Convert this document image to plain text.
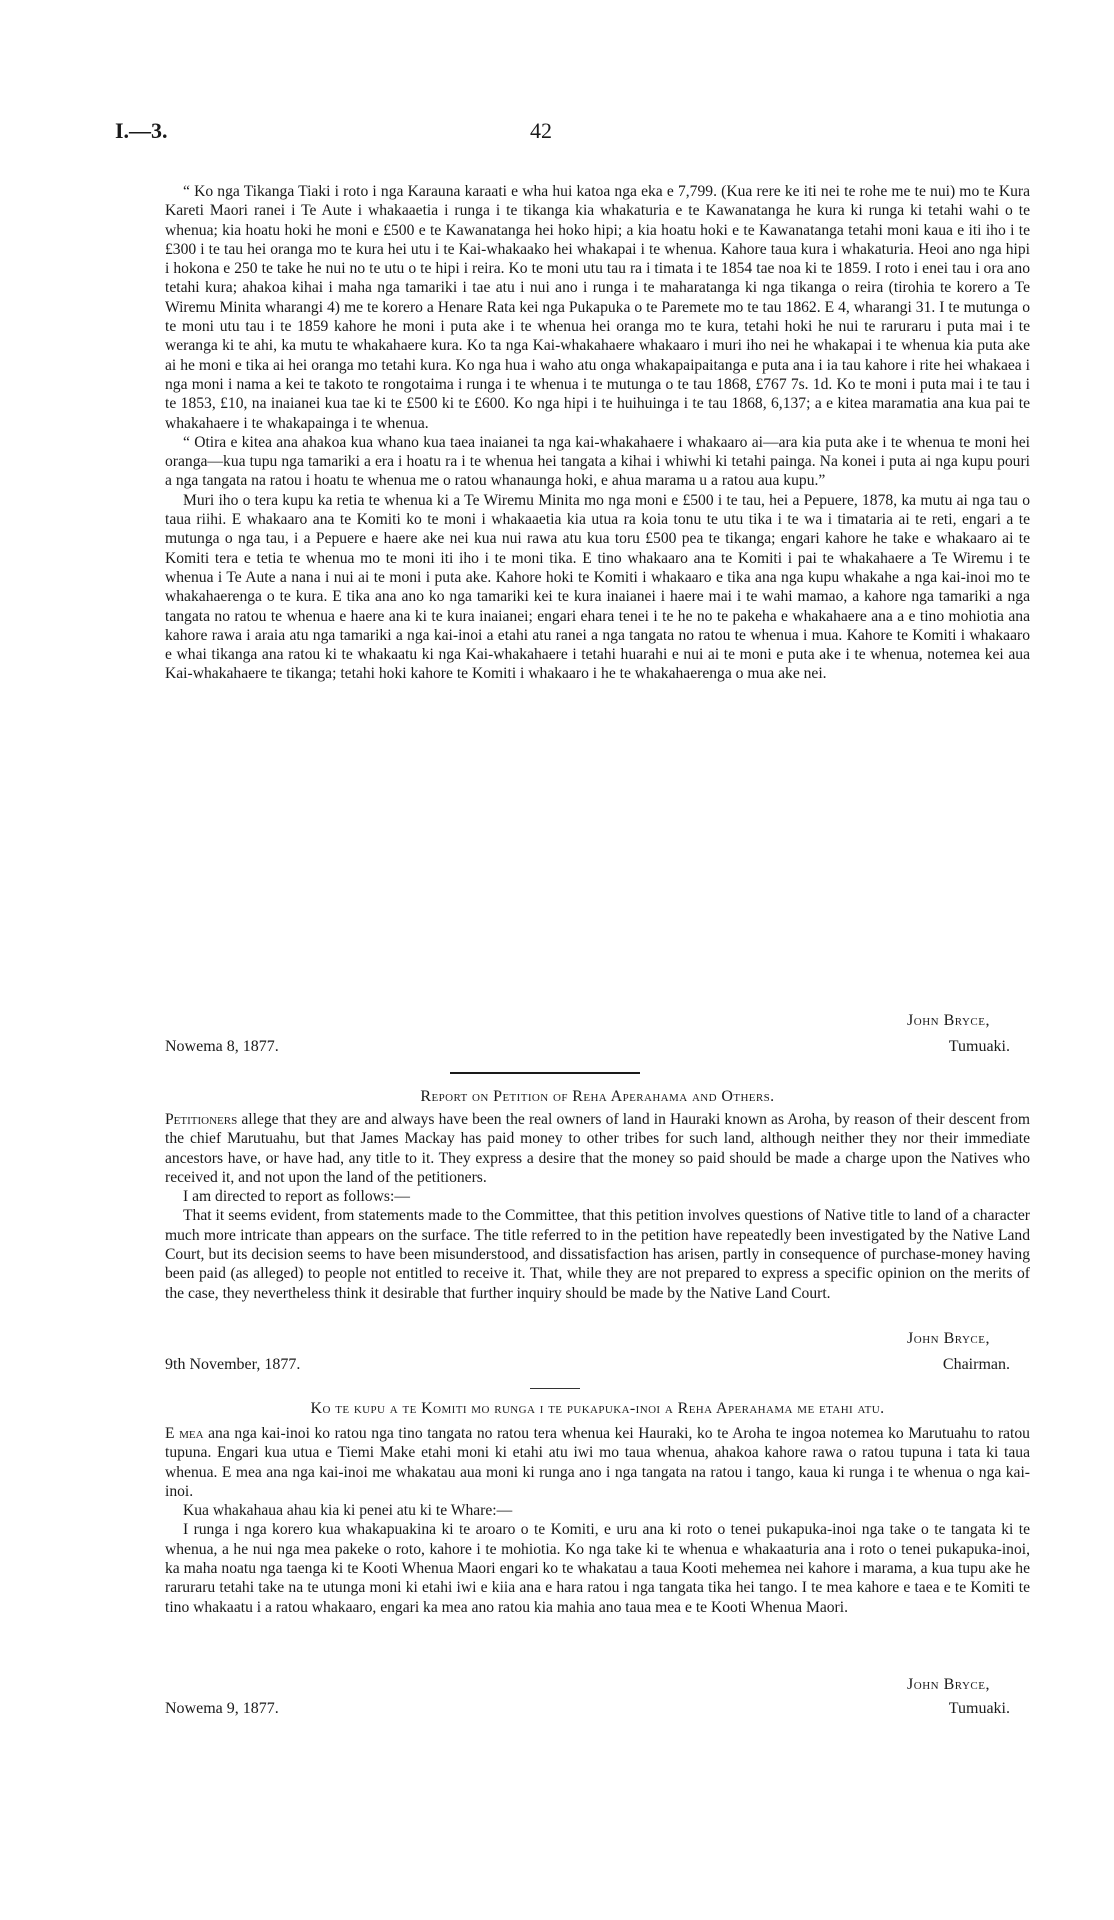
I.—3.	42

“ Ko nga Tikanga Tiaki i roto i nga Karauna karaati e wha hui katoa nga eka e 7,799. (Kua rere ke iti nei te rohe me te nui) mo te Kura Kareti Maori ranei i Te Aute i whakaaetia i runga i te tikanga kia whakaturia e te Kawanatanga he kura ki runga ki tetahi wahi o te whenua; kia hoatu hoki he moni e £500 e te Kawanatanga hei hoko hipi; a kia hoatu hoki e te Kawanatanga tetahi moni kaua e iti iho i te £300 i te tau hei oranga mo te kura hei utu i te Kai-whakaako hei whakapai i te whenua. Kahore taua kura i whakaturia. Heoi ano nga hipi i hokona e 250 te take he nui no te utu o te hipi i reira. Ko te moni utu tau ra i timata i te 1854 tae noa ki te 1859. I roto i enei tau i ora ano tetahi kura; ahakoa kihai i maha nga tamariki i tae atu i nui ano i runga i te maharatanga ki nga tikanga o reira (tirohia te korero a Te Wiremu Minita wharangi 4) me te korero a Henare Rata kei nga Pukapuka o te Paremete mo te tau 1862. E 4, wharangi 31. I te mutunga o te moni utu tau i te 1859 kahore he moni i puta ake i te whenua hei oranga mo te kura, tetahi hoki he nui te raruraru i puta mai i te weranga ki te ahi, ka mutu te whakahaere kura. Ko ta nga Kai-whakahaere whakaaro i muri iho nei he whakapai i te whenua kia puta ake ai he moni e tika ai hei oranga mo tetahi kura. Ko nga hua i waho atu onga whakapaipaitanga e puta ana i ia tau kahore i rite hei whakaea i nga moni i nama a kei te takoto te rongotaima i runga i te whenua i te mutunga o te tau 1868, £767 7s. 1d. Ko te moni i puta mai i te tau i te 1853, £10, na inaianei kua tae ki te £500 ki te £600. Ko nga hipi i te huihuinga i te tau 1868, 6,137; a e kitea maramatia ana kua pai te whakahaere i te whakapainga i te whenua.

“ Otira e kitea ana ahakoa kua whano kua taea inaianei ta nga kai-whakahaere i whakaaro ai—ara kia puta ake i te whenua te moni hei oranga—kua tupu nga tamariki a era i hoatu ra i te whenua hei tangata a kihai i whiwhi ki tetahi painga. Na konei i puta ai nga kupu pouri a nga tangata na ratou i hoatu te whenua me o ratou whanaunga hoki, e ahua marama u a ratou aua kupu.”

Muri iho o tera kupu ka retia te whenua ki a Te Wiremu Minita mo nga moni e £500 i te tau, hei a Pepuere, 1878, ka mutu ai nga tau o taua riihi. E whakaaro ana te Komiti ko te moni i whakaaetia kia utua ra koia tonu te utu tika i te wa i timataria ai te reti, engari a te mutunga o nga tau, i a Pepuere e haere ake nei kua nui rawa atu kua toru £500 pea te tikanga; engari kahore he take e whakaaro ai te Komiti tera e tetia te whenua mo te moni iti iho i te moni tika. E tino whakaaro ana te Komiti i pai te whakahaere a Te Wiremu i te whenua i Te Aute a nana i nui ai te moni i puta ake. Kahore hoki te Komiti i whakaaro e tika ana nga kupu whakahe a nga kai-inoi mo te whakahaerenga o te kura. E tika ana ano ko nga tamariki kei te kura inaianei i haere mai i te wahi mamao, a kahore nga tamariki a nga tangata no ratou te whenua e haere ana ki te kura inaianei; engari ehara tenei i te he no te pakeha e whakahaere ana a e tino mohiotia ana kahore rawa i araia atu nga tamariki a nga kai-inoi a etahi atu ranei a nga tangata no ratou te whenua i mua. Kahore te Komiti i whakaaro e whai tikanga ana ratou ki te whakaatu ki nga Kai-whakahaere i tetahi huarahi e nui ai te moni e puta ake i te whenua, notemea kei aua Kai-whakahaere te tikanga; tetahi hoki kahore te Komiti i whakaaro i he te whakahaerenga o mua ake nei.

John Bryce,
Nowema 8, 1877.	Tumuaki.
Report on Petition of Reha Aperahama and Others.

Petitioners allege that they are and always have been the real owners of land in Hauraki known as Aroha, by reason of their descent from the chief Marutuahu, but that James Mackay has paid money to other tribes for such land, although neither they nor their immediate ancestors have, or have had, any title to it. They express a desire that the money so paid should be made a charge upon the Natives who received it, and not upon the land of the petitioners.

I am directed to report as follows:—

That it seems evident, from statements made to the Committee, that this petition involves questions of Native title to land of a character much more intricate than appears on the surface. The title referred to in the petition have repeatedly been investigated by the Native Land Court, but its decision seems to have been misunderstood, and dissatisfaction has arisen, partly in consequence of purchase-money having been paid (as alleged) to people not entitled to receive it. That, while they are not prepared to express a specific opinion on the merits of the case, they nevertheless think it desirable that further inquiry should be made by the Native Land Court.

John Bryce,
9th November, 1877.	Chairman.
Ko te kupu a te Komiti mo runga i te pukapuka-inoi a Reha Aperahama me etahi atu.

E mea ana nga kai-inoi ko ratou nga tino tangata no ratou tera whenua kei Hauraki, ko te Aroha te ingoa notemea ko Marutuahu to ratou tupuna. Engari kua utua e Tiemi Make etahi moni ki etahi atu iwi mo taua whenua, ahakoa kahore rawa o ratou tupuna i tata ki taua whenua. E mea ana nga kai-inoi me whakatau aua moni ki runga ano i nga tangata na ratou i tango, kaua ki runga i te whenua o nga kai-inoi.

Kua whakahaua ahau kia ki penei atu ki te Whare:—

I runga i nga korero kua whakapuakina ki te aroaro o te Komiti, e uru ana ki roto o tenei pukapuka-inoi nga take o te tangata ki te whenua, a he nui nga mea pakeke o roto, kahore i te mohiotia. Ko nga take ki te whenua e whakaaturia ana i roto o tenei pukapuka-inoi, ka maha noatu nga taenga ki te Kooti Whenua Maori engari ko te whakatau a taua Kooti mehemea nei kahore i marama, a kua tupu ake he raruraru tetahi take na te utunga moni ki etahi iwi e kiia ana e hara ratou i nga tangata tika hei tango. I te mea kahore e taea e te Komiti te tino whakaatu i a ratou whakaaro, engari ka mea ano ratou kia mahia ano taua mea e te Kooti Whenua Maori.

John Bryce,
Nowema 9, 1877.	Tumuaki.
